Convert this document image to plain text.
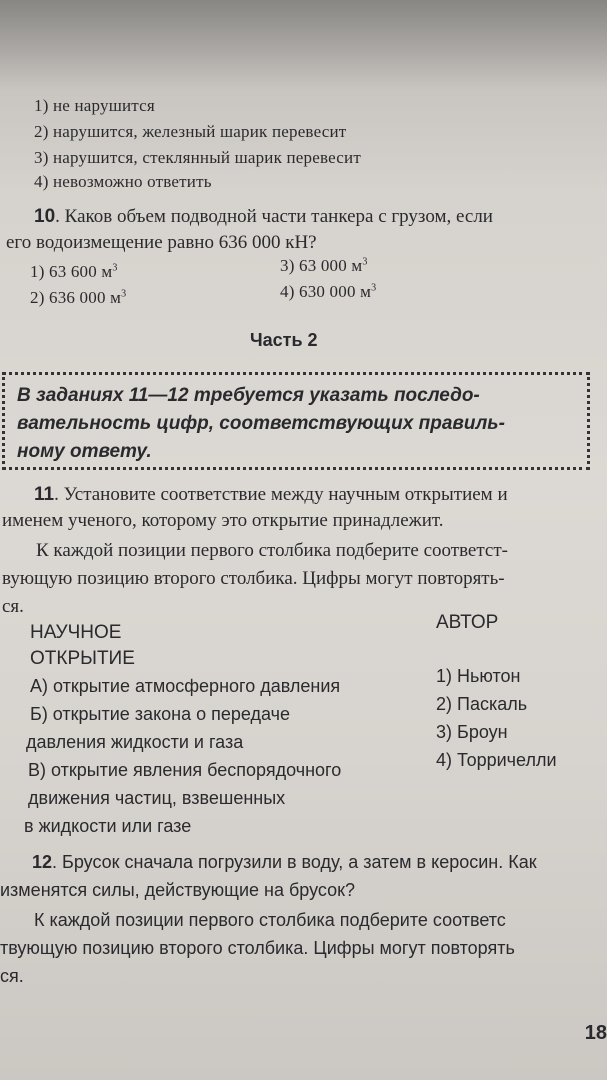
1) не нарушится
2) нарушится, железный шарик перевесит
3) нарушится, стеклянный шарик перевесит
4) невозможно ответить
10. Каков объем подводной части танкера с грузом, если
его водоизмещение равно 636 000 кН?
1) 63 600 $м^3$	3) 63 000 $м^3$
2) 636 000 $м^3$	4) 630 000 $м^3$
Часть 2
В заданиях 11—12 требуется указать последо-
вательность цифр, соответствующих правиль-
ному ответу.
11. Установите соответствие между научным открытием и
именем ученого, которому это открытие принадлежит.
К каждой позиции первого столбика подберите соответст-
вующую позицию второго столбика. Цифры могут повторять-
ся.
НАУЧНОЕ
ОТКРЫТИЕ
АВТОР
А) открытие атмосферного давления
Б) открытие закона о передаче
давления жидкости и газа
В) открытие явления беспорядочного
движения частиц, взвешенных
в жидкости или газе
1) Ньютон
2) Паскаль
3) Броун
4) Торричелли
12. Брусок сначала погрузили в воду, а затем в керосин. Как
изменятся силы, действующие на брусок?
К каждой позиции первого столбика подберите соответс
твующую позицию второго столбика. Цифры могут повторять
ся.
18
